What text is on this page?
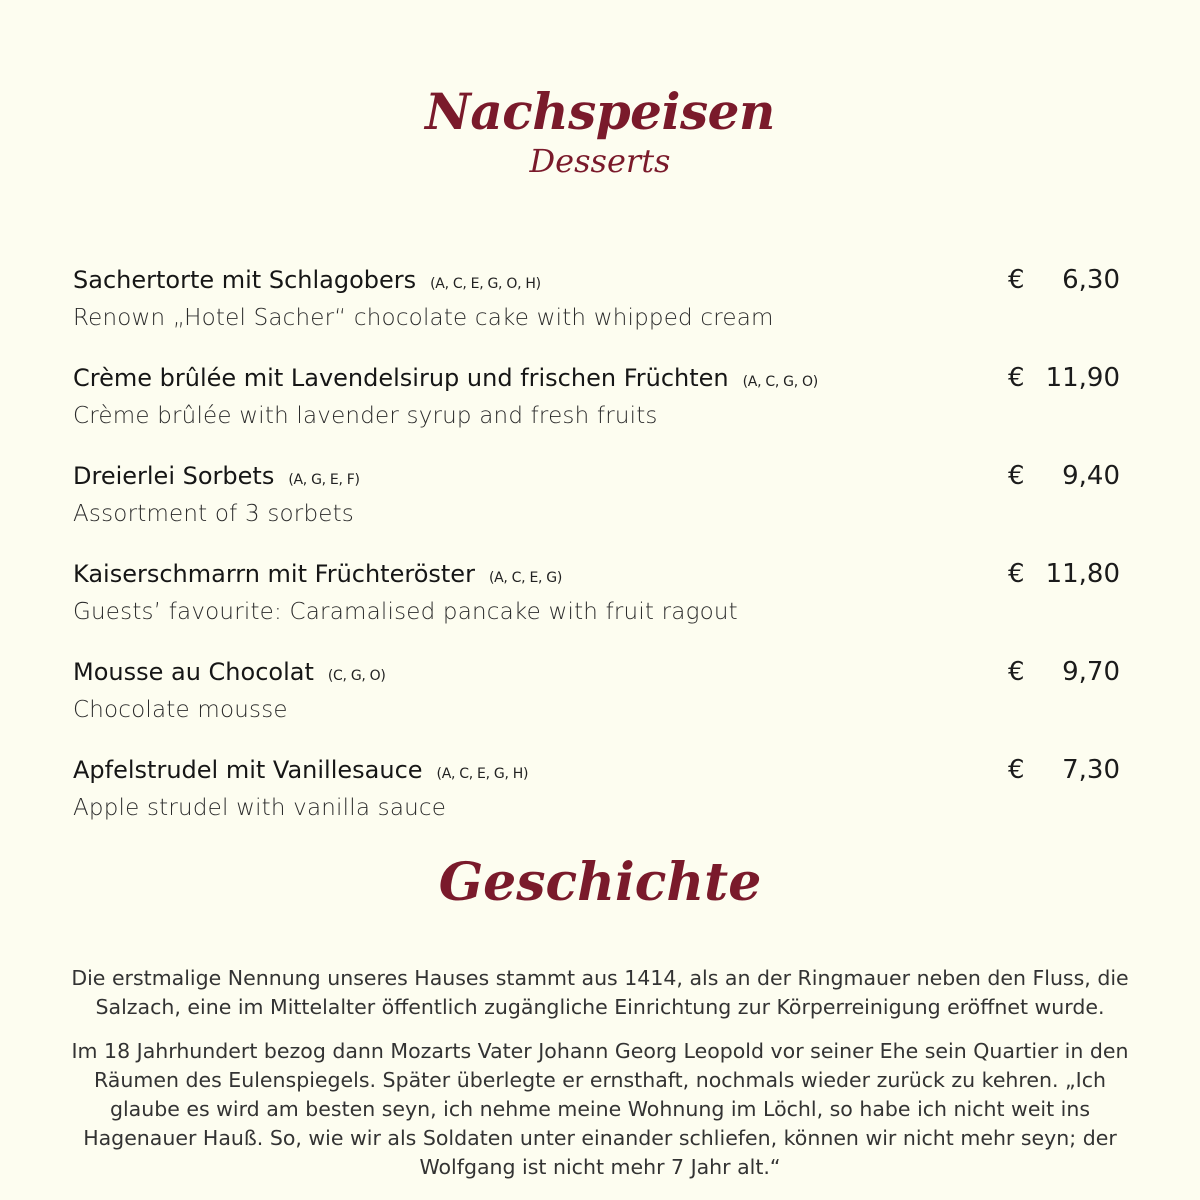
Nachspeisen
Desserts
Sachertorte mit Schlagobers (A, C, E, G, O, H)
Renown „Hotel Sacher“ chocolate cake with whipped cream
€ 6,30
Crème brûlée mit Lavendelsirup und frischen Früchten (A, C, G, O)
Crème brûlée with lavender syrup and fresh fruits
€ 11,90
Dreierlei Sorbets (A, G, E, F)
Assortment of 3 sorbets
€ 9,40
Kaiserschmarrn mit Früchteröster (A, C, E, G)
Guests’ favourite: Caramalised pancake with fruit ragout
€ 11,80
Mousse au Chocolat (C, G, O)
Chocolate mousse
€ 9,70
Apfelstrudel mit Vanillesauce (A, C, E, G, H)
Apple strudel with vanilla sauce
€ 7,30
Geschichte
Die erstmalige Nennung unseres Hauses stammt aus 1414, als an der Ringmauer neben den Fluss, die Salzach, eine im Mittelalter öffentlich zugängliche Einrichtung zur Körperreinigung eröffnet wurde.
Im 18 Jahrhundert bezog dann Mozarts Vater Johann Georg Leopold vor seiner Ehe sein Quartier in den Räumen des Eulenspiegels. Später überlegte er ernsthaft, nochmals wieder zurück zu kehren. „Ich glaube es wird am besten seyn, ich nehme meine Wohnung im Löchl, so habe ich nicht weit ins Hagenauer Hauß. So, wie wir als Soldaten unter einander schliefen, können wir nicht mehr seyn; der Wolfgang ist nicht mehr 7 Jahr alt.“
